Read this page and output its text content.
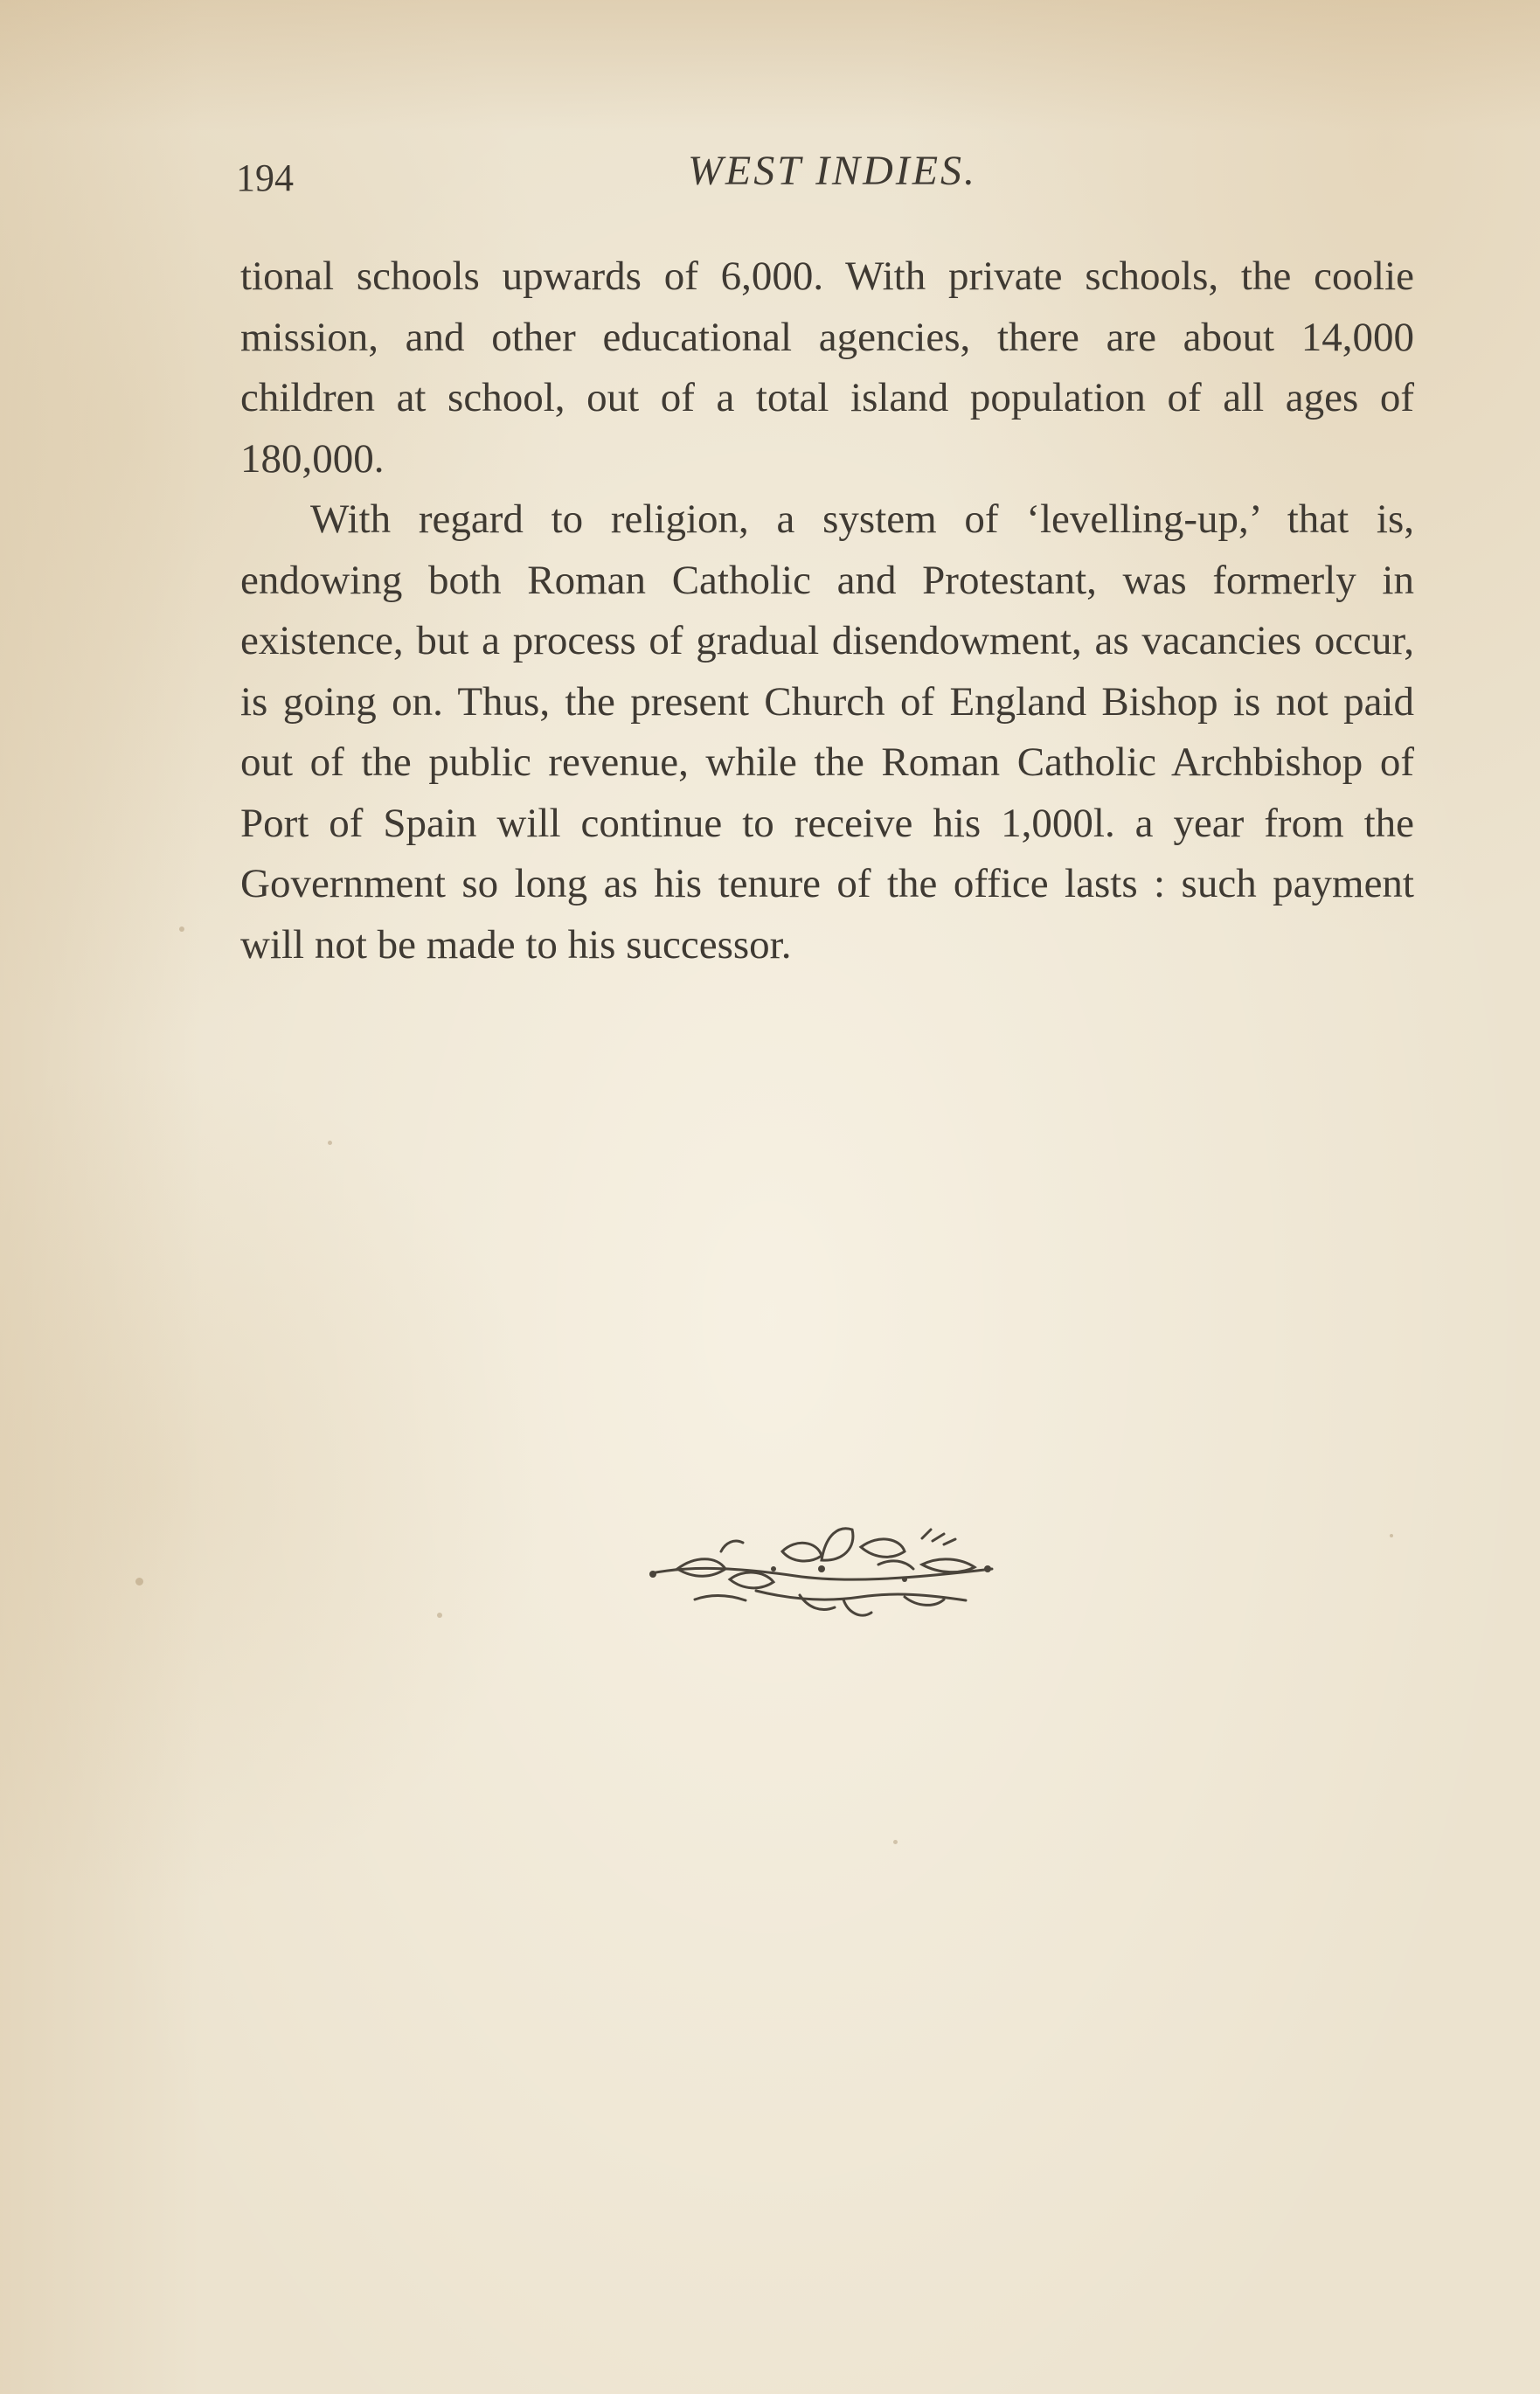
194	WEST INDIES.

tional schools upwards of 6,000. With private schools, the coolie mission, and other educational agencies, there are about 14,000 children at school, out of a total island population of all ages of 180,000.

With regard to religion, a system of ‘levelling-up,’ that is, endowing both Roman Catholic and Protestant, was formerly in existence, but a process of gradual disendowment, as vacancies occur, is going on. Thus, the present Church of England Bishop is not paid out of the public revenue, while the Roman Catholic Archbishop of Port of Spain will continue to receive his 1,000l. a year from the Government so long as his tenure of the office lasts : such payment will not be made to his successor.
